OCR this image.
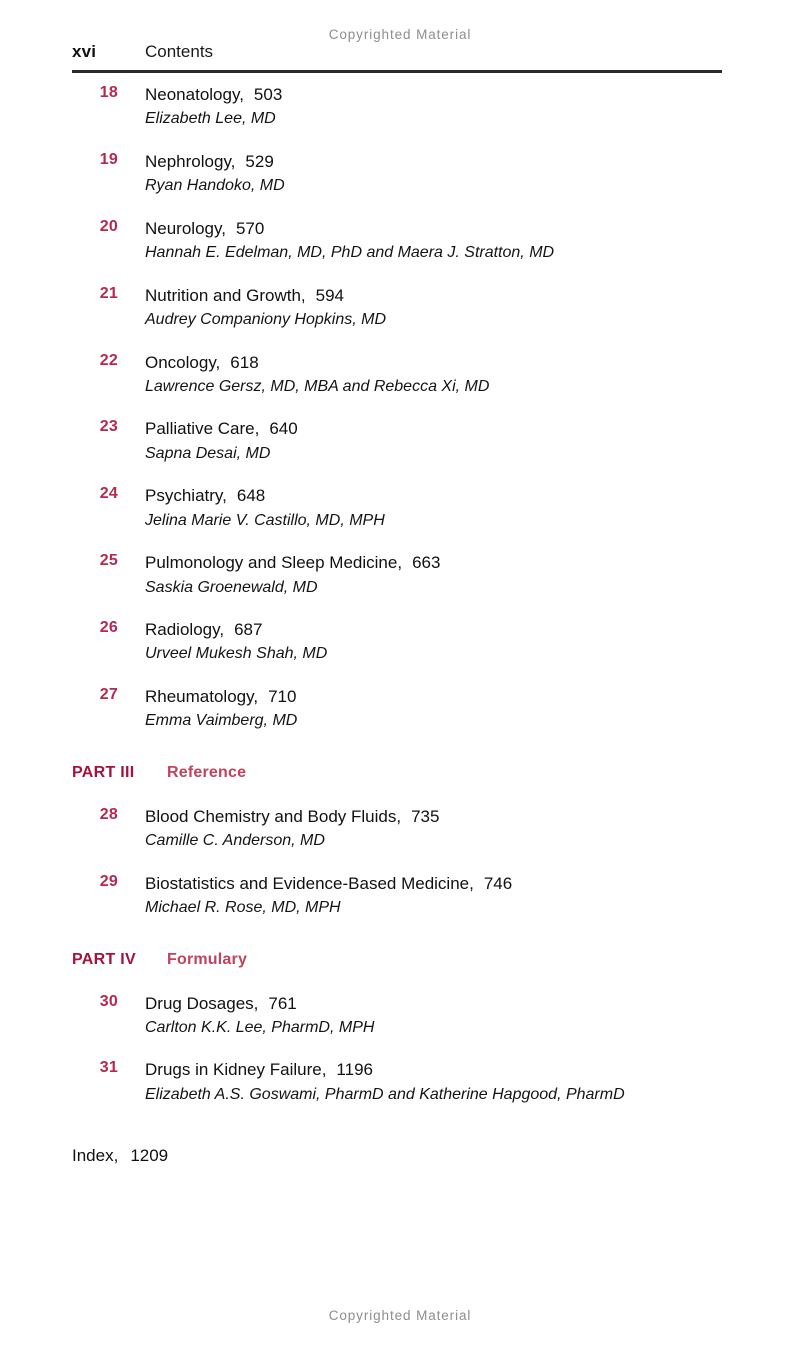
Copyrighted Material
xvi	Contents
18 Neonatology, 503
Elizabeth Lee, MD
19 Nephrology, 529
Ryan Handoko, MD
20 Neurology, 570
Hannah E. Edelman, MD, PhD and Maera J. Stratton, MD
21 Nutrition and Growth, 594
Audrey Companiony Hopkins, MD
22 Oncology, 618
Lawrence Gersz, MD, MBA and Rebecca Xi, MD
23 Palliative Care, 640
Sapna Desai, MD
24 Psychiatry, 648
Jelina Marie V. Castillo, MD, MPH
25 Pulmonology and Sleep Medicine, 663
Saskia Groenewald, MD
26 Radiology, 687
Urveel Mukesh Shah, MD
27 Rheumatology, 710
Emma Vaimberg, MD
PART III Reference
28 Blood Chemistry and Body Fluids, 735
Camille C. Anderson, MD
29 Biostatistics and Evidence-Based Medicine, 746
Michael R. Rose, MD, MPH
PART IV Formulary
30 Drug Dosages, 761
Carlton K.K. Lee, PharmD, MPH
31 Drugs in Kidney Failure, 1196
Elizabeth A.S. Goswami, PharmD and Katherine Hapgood, PharmD
Index, 1209
Copyrighted Material
